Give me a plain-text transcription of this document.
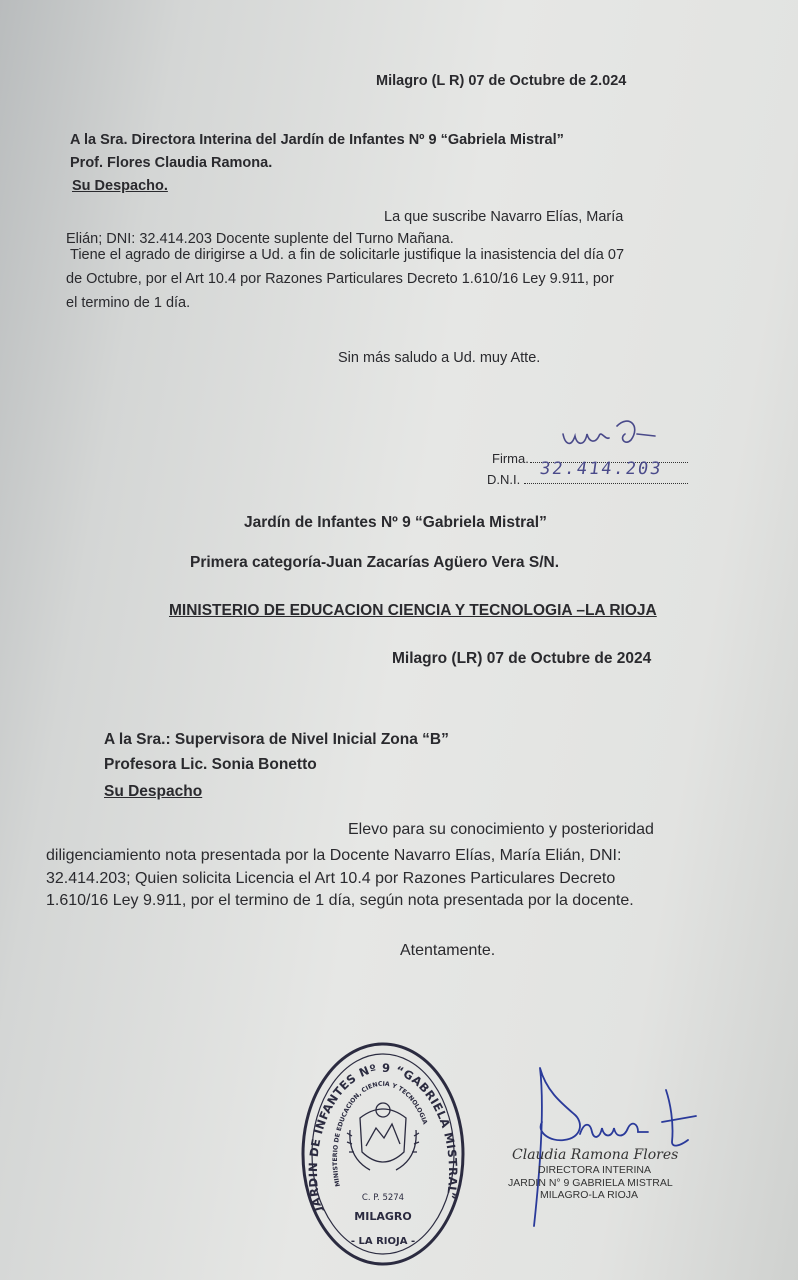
Milagro (L R) 07 de Octubre de 2.024
A la Sra. Directora Interina del Jardín de Infantes Nº 9 “Gabriela Mistral”
Prof. Flores Claudia Ramona.
Su Despacho.
La que suscribe Navarro Elías, María
Elián; DNI: 32.414.203 Docente suplente del Turno Mañana.
Tiene el agrado de dirigirse a Ud. a fin de solicitarle justifique la inasistencia del día 07
de Octubre, por el Art 10.4 por Razones Particulares Decreto 1.610/16 Ley 9.911, por
el termino de 1 día.
Sin más saludo a Ud. muy Atte.
Firma.
D.N.I.
32.414.203
Jardín de Infantes Nº 9 “Gabriela Mistral”
Primera categoría-Juan Zacarías Agüero Vera S/N.
MINISTERIO DE EDUCACION CIENCIA Y TECNOLOGIA –LA RIOJA
Milagro (LR) 07 de Octubre de 2024
A la Sra.: Supervisora de Nivel Inicial Zona “B”
Profesora Lic. Sonia Bonetto
Su Despacho
Elevo para su conocimiento y posterioridad
diligenciamiento nota presentada por la Docente Navarro Elías, María Elián, DNI:
32.414.203; Quien solicita Licencia el Art 10.4 por Razones Particulares Decreto
1.610/16 Ley 9.911, por el termino de 1 día, según nota presentada por la docente.
Atentamente.
JARDIN DE INFANTES Nº 9 “GABRIELA MISTRAL”
MINISTERIO DE EDUCACION, CIENCIA Y TECNOLOGIA
C. P. 5274
MILAGRO
- LA RIOJA -
Claudia Ramona Flores
DIRECTORA INTERINA
JARDIN N° 9 GABRIELA MISTRAL
MILAGRO-LA RIOJA
